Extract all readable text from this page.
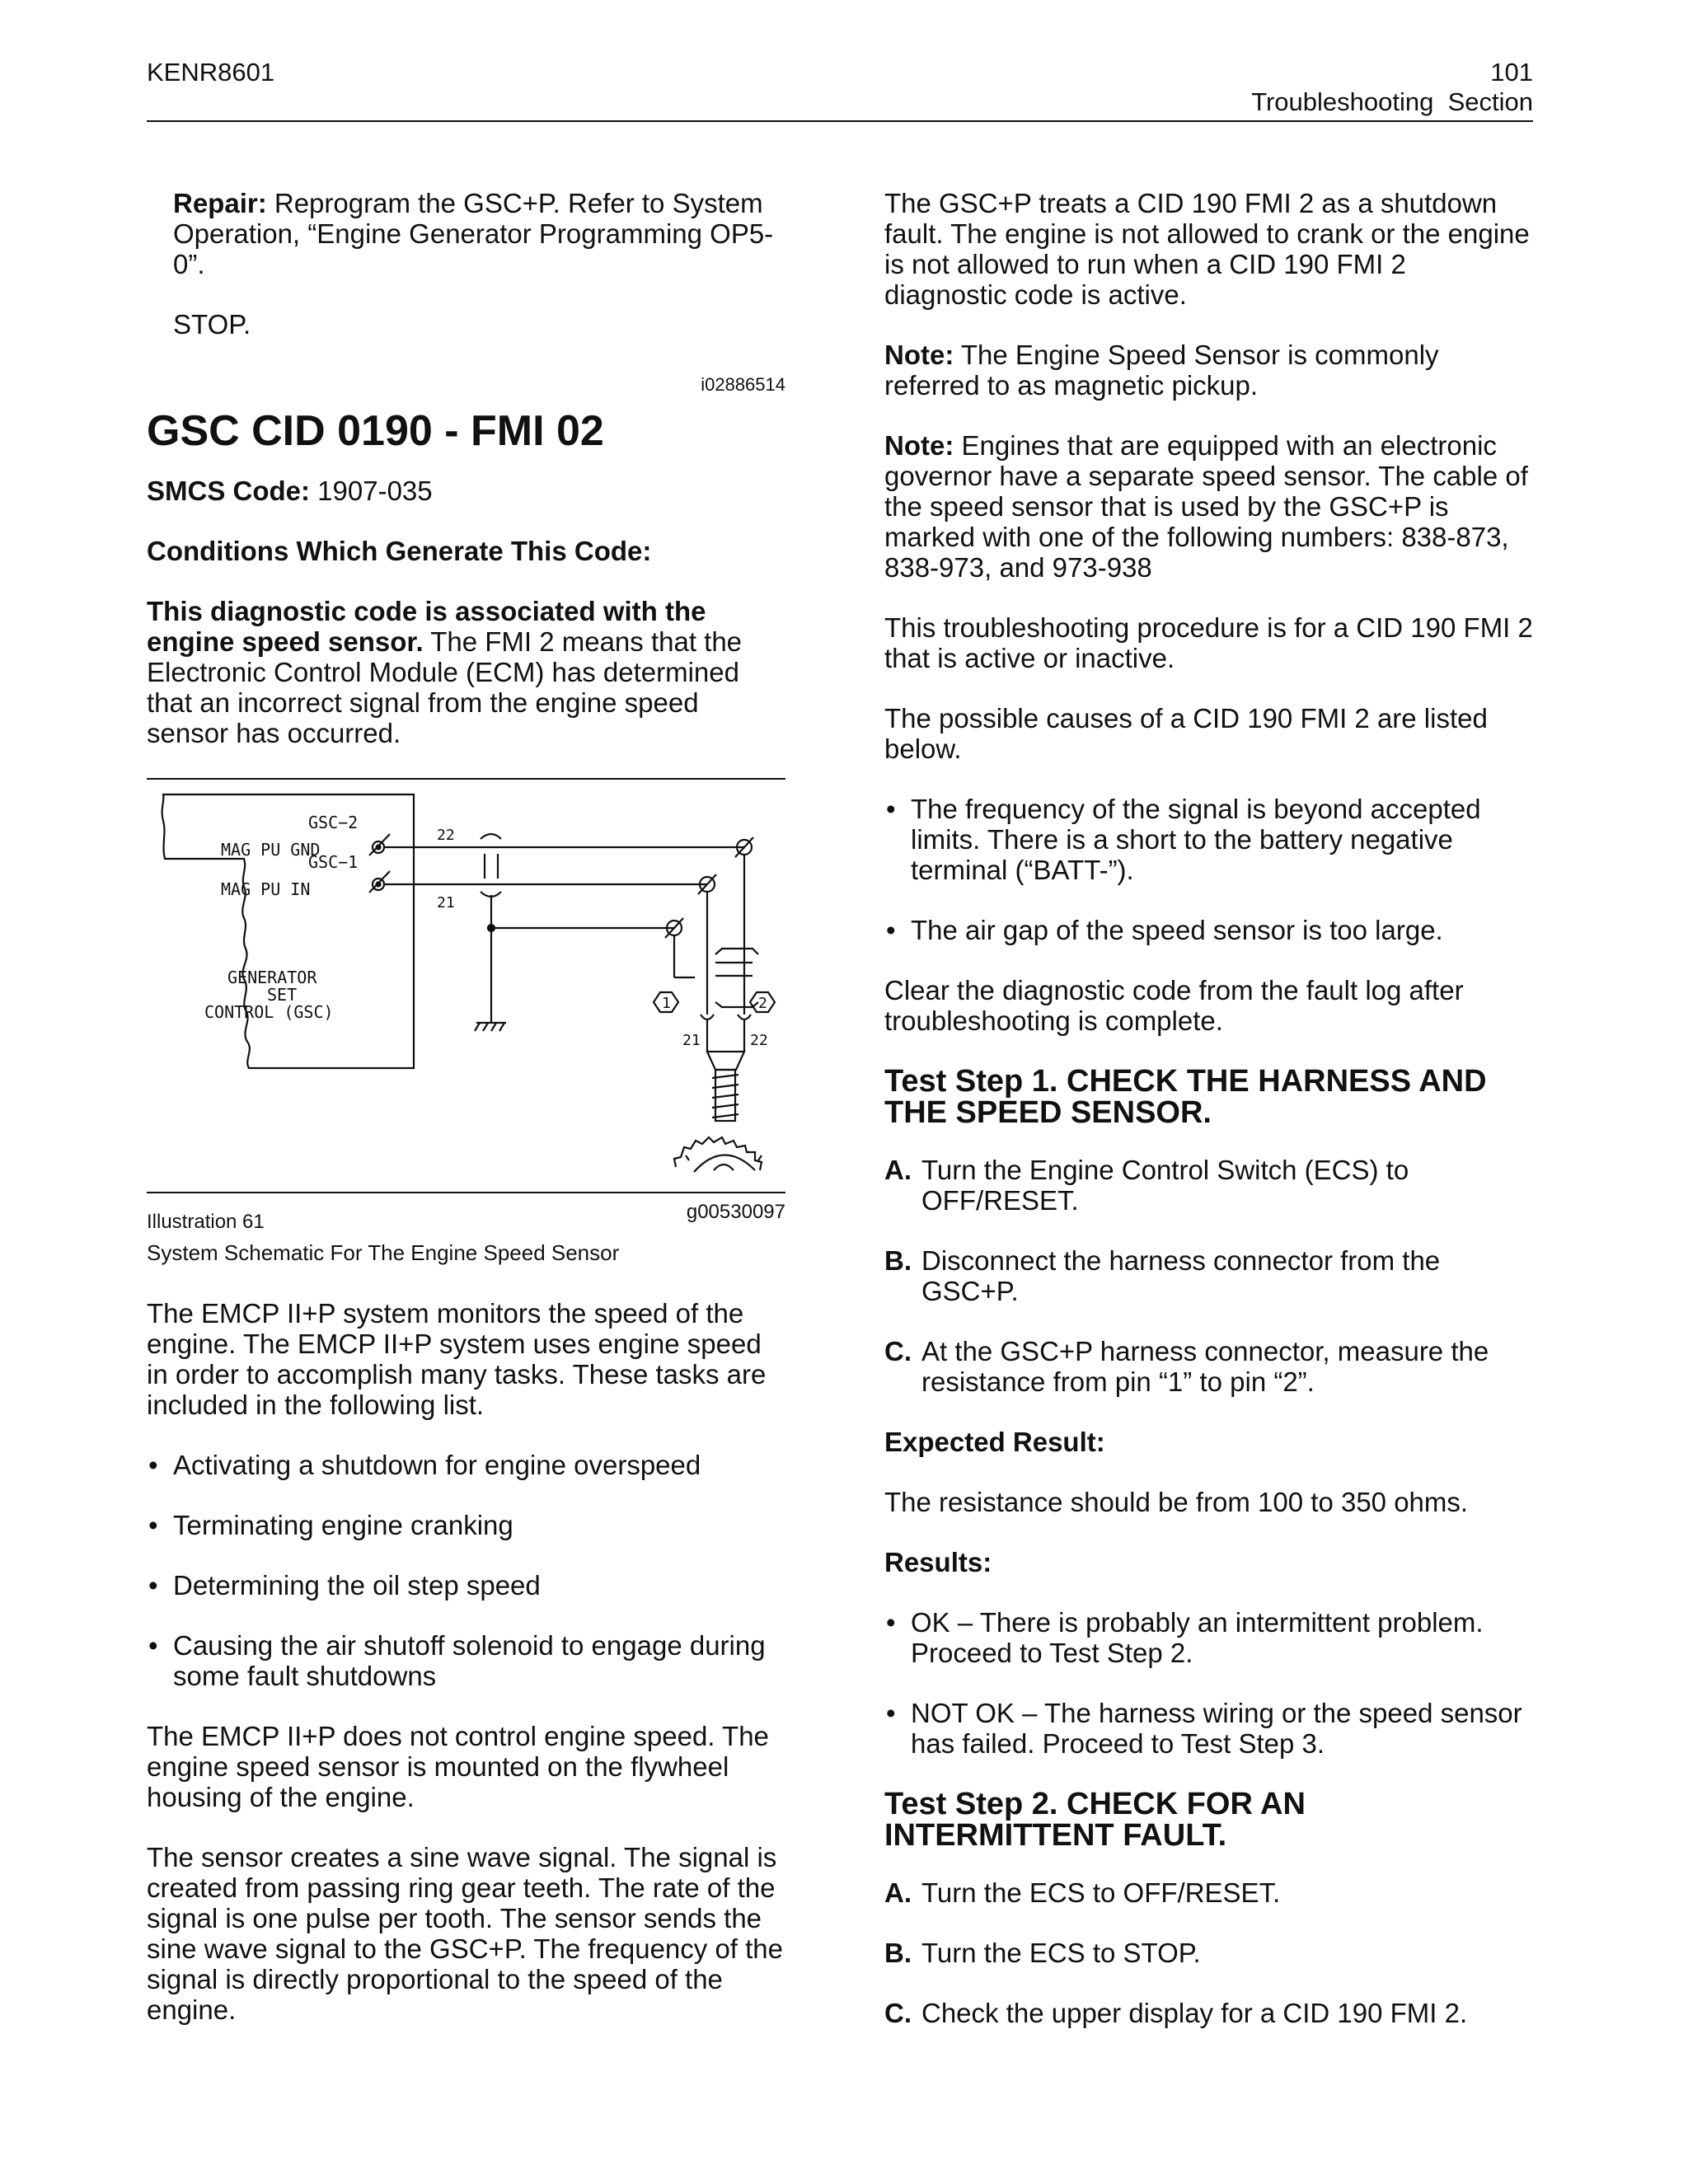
KENR8601	101
Troubleshooting  Section

Repair: Reprogram the GSC+P. Refer to System Operation, “Engine Generator Programming OP5-0”.

STOP.

i02886514
GSC CID 0190 - FMI 02

SMCS Code: 1907-035

Conditions Which Generate This Code:

This diagnostic code is associated with the engine speed sensor. The FMI 2 means that the Electronic Control Module (ECM) has determined that an incorrect signal from the engine speed sensor has occurred.

GSC−2
MAG PU GND
GSC−1
MAG PU IN
GENERATOR
SET
CONTROL (GSC)
22
21
1	2
21	22
Illustration 61	g00530097
System Schematic For The Engine Speed Sensor

The EMCP II+P system monitors the speed of the engine. The EMCP II+P system uses engine speed in order to accomplish many tasks. These tasks are included in the following list.

• Activating a shutdown for engine overspeed
• Terminating engine cranking
• Determining the oil step speed
• Causing the air shutoff solenoid to engage during some fault shutdowns

The EMCP II+P does not control engine speed. The engine speed sensor is mounted on the flywheel housing of the engine.

The sensor creates a sine wave signal. The signal is created from passing ring gear teeth. The rate of the signal is one pulse per tooth. The sensor sends the sine wave signal to the GSC+P. The frequency of the signal is directly proportional to the speed of the engine.

The GSC+P treats a CID 190 FMI 2 as a shutdown fault. The engine is not allowed to crank or the engine is not allowed to run when a CID 190 FMI 2 diagnostic code is active.

Note: The Engine Speed Sensor is commonly referred to as magnetic pickup.

Note: Engines that are equipped with an electronic governor have a separate speed sensor. The cable of the speed sensor that is used by the GSC+P is marked with one of the following numbers: 838-873, 838-973, and 973-938

This troubleshooting procedure is for a CID 190 FMI 2 that is active or inactive.

The possible causes of a CID 190 FMI 2 are listed below.

• The frequency of the signal is beyond accepted limits. There is a short to the battery negative terminal (“BATT-”).
• The air gap of the speed sensor is too large.

Clear the diagnostic code from the fault log after troubleshooting is complete.

Test Step 1. CHECK THE HARNESS AND THE SPEED SENSOR.
A. Turn the Engine Control Switch (ECS) to OFF/RESET.
B. Disconnect the harness connector from the GSC+P.
C. At the GSC+P harness connector, measure the resistance from pin “1” to pin “2”.

Expected Result:

The resistance should be from 100 to 350 ohms.

Results:

• OK – There is probably an intermittent problem. Proceed to Test Step 2.
• NOT OK – The harness wiring or the speed sensor has failed. Proceed to Test Step 3.
Test Step 2. CHECK FOR AN INTERMITTENT FAULT.
A. Turn the ECS to OFF/RESET.
B. Turn the ECS to STOP.
C. Check the upper display for a CID 190 FMI 2.
